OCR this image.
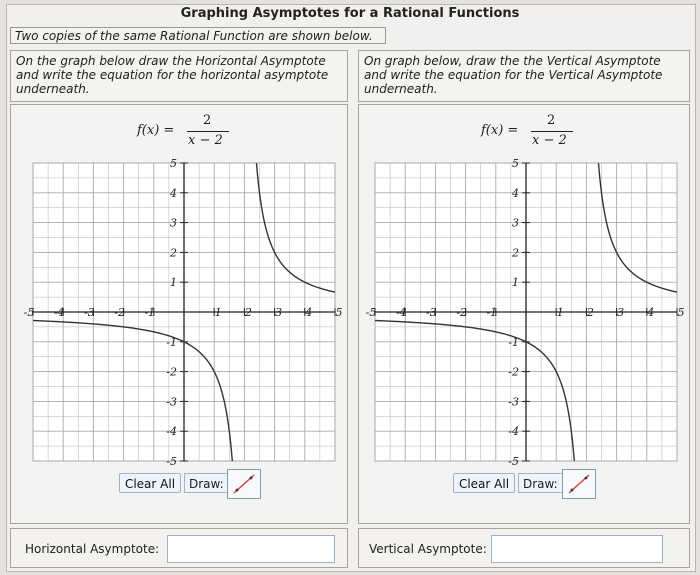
Graphing Asymptotes for a Rational Functions
Two copies of the same Rational Function are shown below.
On the graph below draw the Horizontal Asymptote and write the equation for the horizontal asymptote underneath.
On graph below, draw the the Vertical Asymptote and write the equation for the Vertical Asymptote underneath.
f(x) =
2
x − 2
-5 -4 -3 -2 -1	1 2 3 4 5
5
4
3
2
1
-1
-2
-3
-4
-5
Clear All	Draw:
f(x) =
2
x − 2
-5 -4 -3 -2 -1	1 2 3 4 5
5
4
3
2
1
-1
-2
-3
-4
-5
Clear All	Draw:
Horizontal Asymptote:	Vertical Asymptote:
